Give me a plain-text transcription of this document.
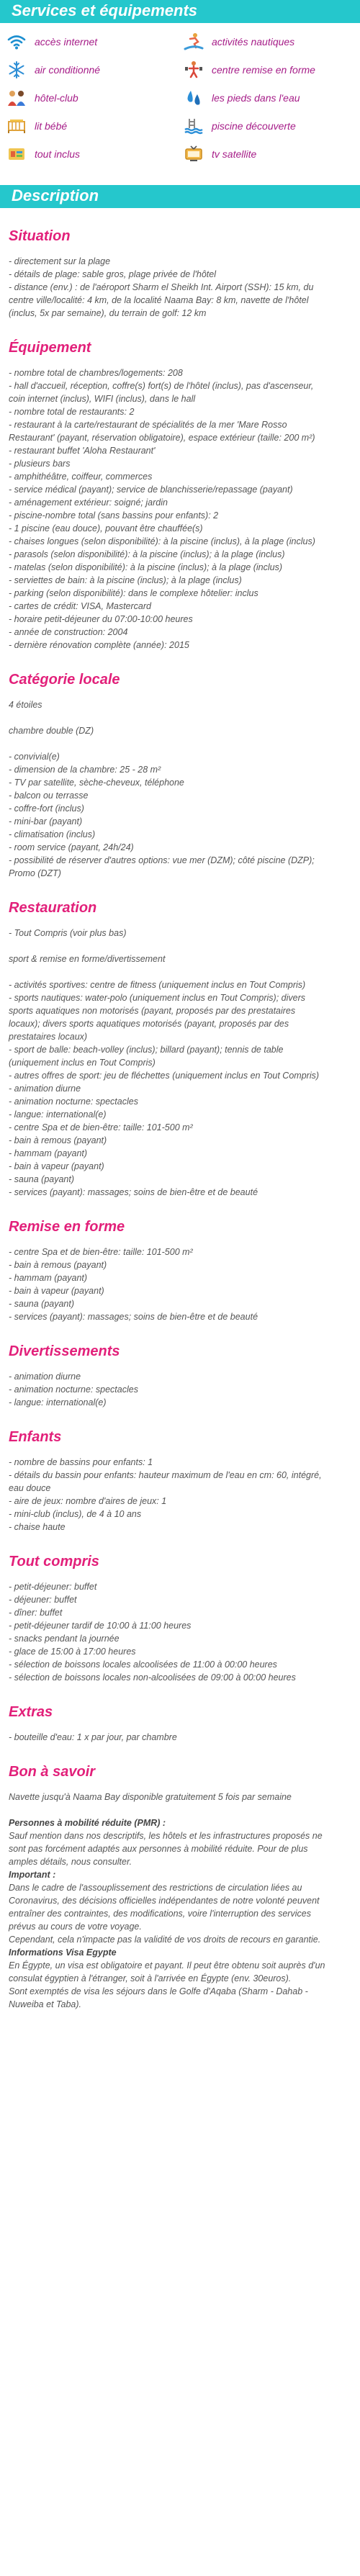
Services et équipements
accès internet	activités nautiques
air conditionné	centre remise en forme
hôtel-club	les pieds dans l'eau
lit bébé	piscine découverte
tout inclus	tv satellite
Description
Situation
- directement sur la plage
- détails de plage: sable gros, plage privée de l'hôtel
- distance (env.) : de l'aéroport Sharm el Sheikh Int. Airport (SSH): 15 km, du
centre ville/localité: 4 km, de la localité Naama Bay: 8 km, navette de l'hôtel
(inclus, 5x par semaine), du terrain de golf: 12 km
Équipement
- nombre total de chambres/logements: 208
- hall d'accueil, réception, coffre(s) fort(s) de l'hôtel (inclus), pas d'ascenseur,
coin internet (inclus), WIFI (inclus), dans le hall
- nombre total de restaurants: 2
- restaurant à la carte/restaurant de spécialités de la mer 'Mare Rosso
Restaurant' (payant, réservation obligatoire), espace extérieur (taille: 200 m²)
- restaurant buffet 'Aloha Restaurant'
- plusieurs bars
- amphithéâtre, coiffeur, commerces
- service médical (payant); service de blanchisserie/repassage (payant)
- aménagement extérieur: soigné; jardin
- piscine-nombre total (sans bassins pour enfants): 2
- 1 piscine (eau douce), pouvant être chauffée(s)
- chaises longues (selon disponibilité): à la piscine (inclus), à la plage (inclus)
- parasols (selon disponibilité): à la piscine (inclus); à la plage (inclus)
- matelas (selon disponibilité): à la piscine (inclus); à la plage (inclus)
- serviettes de bain: à la piscine (inclus); à la plage (inclus)
- parking (selon disponibilité): dans le complexe hôtelier: inclus
- cartes de crédit: VISA, Mastercard
- horaire petit-déjeuner du 07:00-10:00 heures
- année de construction: 2004
- dernière rénovation complète (année): 2015
Catégorie locale
4 étoiles
chambre double (DZ)
- convivial(e)
- dimension de la chambre: 25 - 28 m²
- TV par satellite, sèche-cheveux, téléphone
- balcon ou terrasse
- coffre-fort (inclus)
- mini-bar (payant)
- climatisation (inclus)
- room service (payant, 24h/24)
- possibilité de réserver d'autres options: vue mer (DZM); côté piscine (DZP);
Promo (DZT)
Restauration
- Tout Compris (voir plus bas)
sport & remise en forme/divertissement
- activités sportives: centre de fitness (uniquement inclus en Tout Compris)
- sports nautiques: water-polo (uniquement inclus en Tout Compris); divers
sports aquatiques non motorisés (payant, proposés par des prestataires
locaux); divers sports aquatiques motorisés (payant, proposés par des
prestataires locaux)
- sport de balle: beach-volley (inclus); billard (payant); tennis de table
(uniquement inclus en Tout Compris)
- autres offres de sport: jeu de fléchettes (uniquement inclus en Tout Compris)
- animation diurne
- animation nocturne: spectacles
- langue: international(e)
- centre Spa et de bien-être: taille: 101-500 m²
- bain à remous (payant)
- hammam (payant)
- bain à vapeur (payant)
- sauna (payant)
- services (payant): massages; soins de bien-être et de beauté
Remise en forme
- centre Spa et de bien-être: taille: 101-500 m²
- bain à remous (payant)
- hammam (payant)
- bain à vapeur (payant)
- sauna (payant)
- services (payant): massages; soins de bien-être et de beauté
Divertissements
- animation diurne
- animation nocturne: spectacles
- langue: international(e)
Enfants
- nombre de bassins pour enfants: 1
- détails du bassin pour enfants: hauteur maximum de l'eau en cm: 60, intégré,
eau douce
- aire de jeux: nombre d'aires de jeux: 1
- mini-club (inclus), de 4 à 10 ans
- chaise haute
Tout compris
- petit-déjeuner: buffet
- déjeuner: buffet
- dîner: buffet
- petit-déjeuner tardif de 10:00 à 11:00 heures
- snacks pendant la journée
- glace de 15:00 à 17:00 heures
- sélection de boissons locales alcoolisées de 11:00 à 00:00 heures
- sélection de boissons locales non-alcoolisées de 09:00 à 00:00 heures
Extras
- bouteille d'eau: 1 x par jour, par chambre
Bon à savoir
Navette jusqu'à Naama Bay disponible gratuitement 5 fois par semaine
Personnes à mobilité réduite (PMR) :
Sauf mention dans nos descriptifs, les hôtels et les infrastructures proposés ne
sont pas forcément adaptés aux personnes à mobilité réduite. Pour de plus
amples détails, nous consulter.
Important :
Dans le cadre de l'assouplissement des restrictions de circulation liées au
Coronavirus, des décisions officielles indépendantes de notre volonté peuvent
entraîner des contraintes, des modifications, voire l'interruption des services
prévus au cours de votre voyage.
Cependant, cela n'impacte pas la validité de vos droits de recours en garantie.
Informations Visa Egypte
En Égypte, un visa est obligatoire et payant. Il peut être obtenu soit auprès d'un
consulat égyptien à l'étranger, soit à l'arrivée en Égypte (env. 30euros).
Sont exemptés de visa les séjours dans le Golfe d'Aqaba (Sharm - Dahab -
Nuweiba et Taba).
